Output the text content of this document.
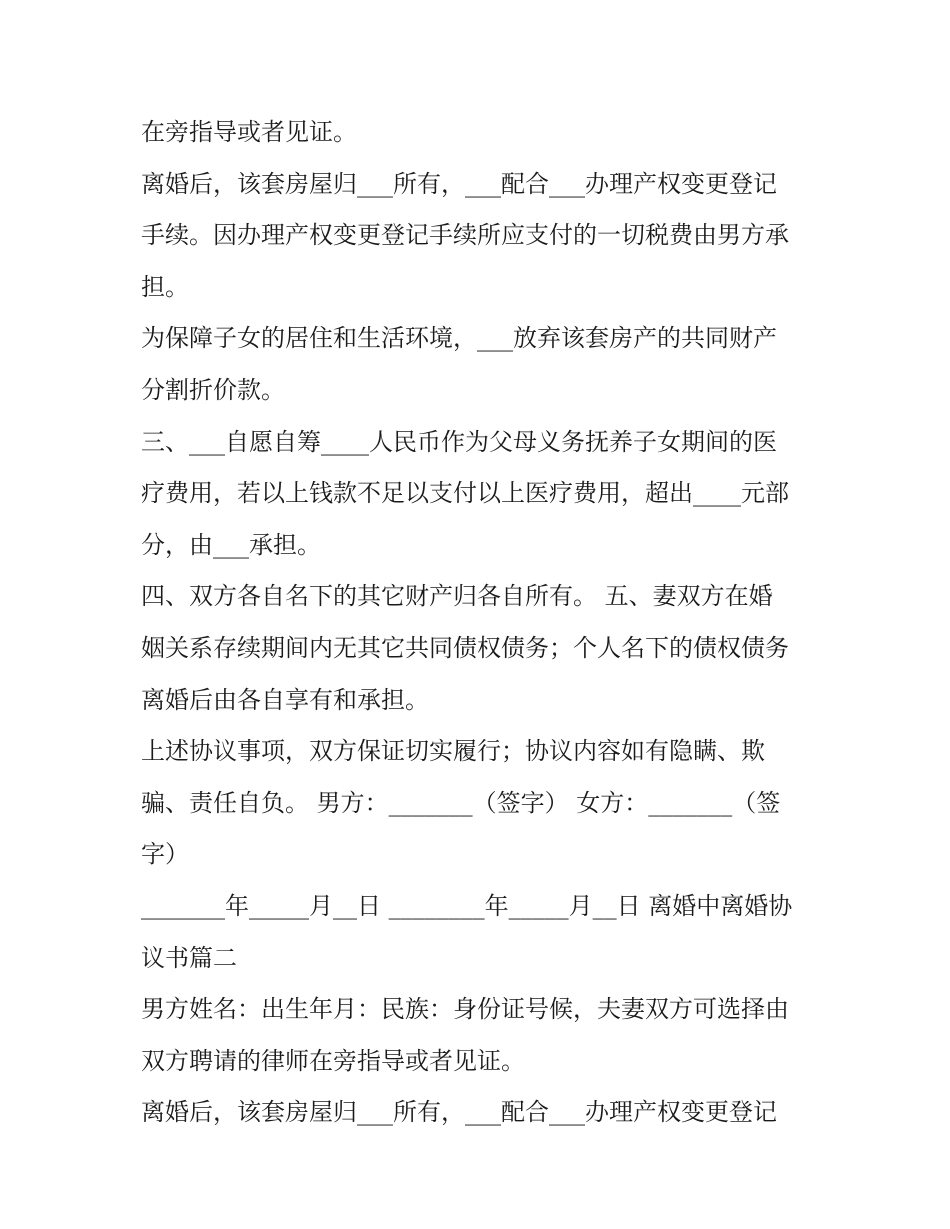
在旁指导或者见证。
离婚后，该套房屋归___所有，___配合___办理产权变更登记
手续。因办理产权变更登记手续所应支付的一切税费由男方承
担。
为保障子女的居住和生活环境，___放弃该套房产的共同财产
分割折价款。
三、___自愿自筹____人民币作为父母义务抚养子女期间的医
疗费用，若以上钱款不足以支付以上医疗费用，超出____元部
分，由___承担。
四、双方各自名下的其它财产归各自所有。 五、妻双方在婚
姻关系存续期间内无其它共同债权债务；个人名下的债权债务
离婚后由各自享有和承担。
上述协议事项，双方保证切实履行；协议内容如有隐瞒、欺
骗、责任自负。 男方：_______（签字） 女方：_______（签
字）
_______年_____月__日 ________年_____月__日 离婚中离婚协
议书篇二
男方姓名：出生年月：民族：身份证号候，夫妻双方可选择由
双方聘请的律师在旁指导或者见证。
离婚后，该套房屋归___所有，___配合___办理产权变更登记
